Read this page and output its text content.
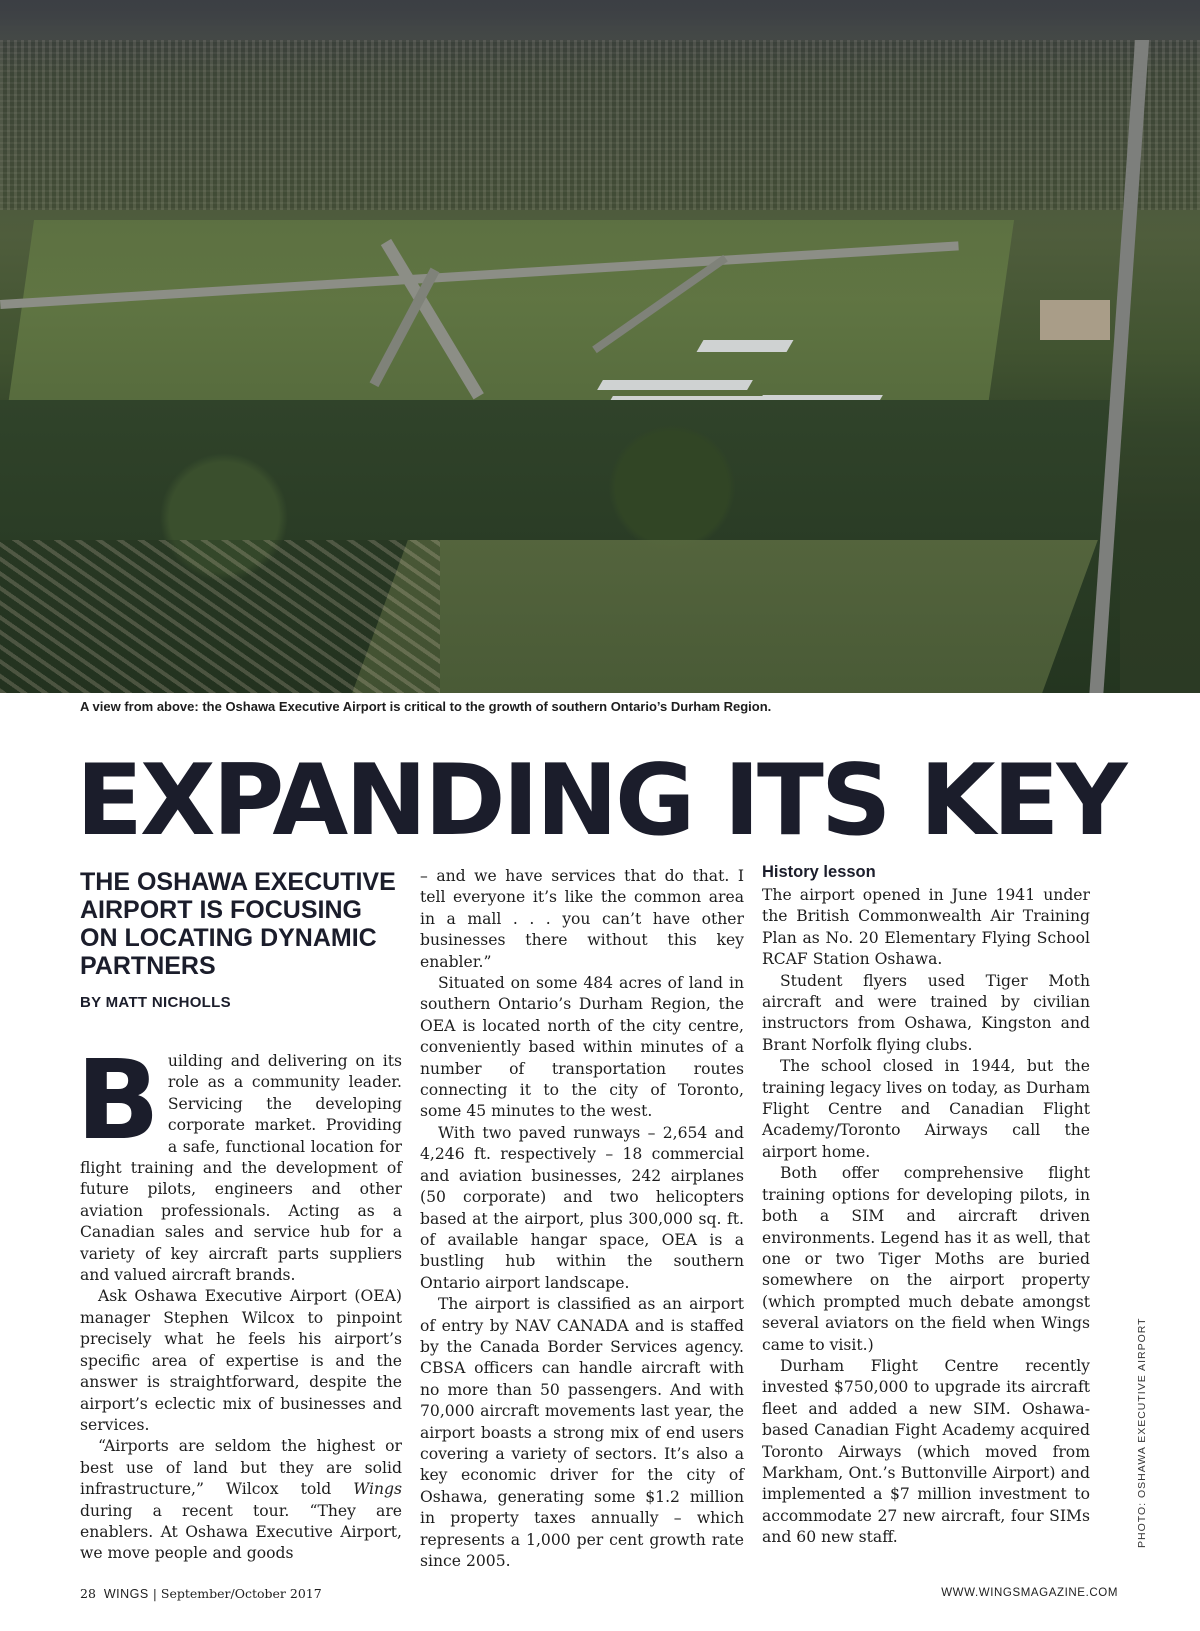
A view from above: the Oshawa Executive Airport is critical to the growth of southern Ontario’s Durham Region.
PHOTO: OSHAWA EXECUTIVE AIRPORT
EXPANDING ITS KEY
THE OSHAWA EXECUTIVE AIRPORT IS FOCUSING ON LOCATING DYNAMIC PARTNERS
BY MATT NICHOLLS
B uilding and delivering on its role as a community leader. Servicing the developing corporate market. Providing a safe, functional location for flight training and the development of future pilots, engineers and other aviation professionals. Acting as a Canadian sales and service hub for a variety of key aircraft parts suppliers and valued aircraft brands.

Ask Oshawa Executive Airport (OEA) manager Stephen Wilcox to pinpoint precisely what he feels his airport’s specific area of expertise is and the answer is straightforward, despite the airport’s eclectic mix of businesses and services.

“Airports are seldom the highest or best use of land but they are solid infrastructure,” Wilcox told Wings during a recent tour. “They are enablers. At Oshawa Executive Airport, we move people and goods

– and we have services that do that. I tell everyone it’s like the common area in a mall . . . you can’t have other businesses there without this key enabler.”

Situated on some 484 acres of land in southern Ontario’s Durham Region, the OEA is located north of the city centre, conveniently based within minutes of a number of transportation routes connecting it to the city of Toronto, some 45 minutes to the west.

With two paved runways – 2,654 and 4,246 ft. respectively – 18 commercial and aviation businesses, 242 airplanes (50 corporate) and two helicopters based at the airport, plus 300,000 sq. ft. of available hangar space, OEA is a bustling hub within the southern Ontario airport landscape.

The airport is classified as an airport of entry by NAV CANADA and is staffed by the Canada Border Services agency. CBSA officers can handle aircraft with no more than 50 passengers. And with 70,000 aircraft movements last year, the airport boasts a strong mix of end users covering a variety of sectors. It’s also a key economic driver for the city of Oshawa, generating some $1.2 million in property taxes annually – which represents a 1,000 per cent growth rate since 2005.

History lesson

The airport opened in June 1941 under the British Commonwealth Air Training Plan as No. 20 Elementary Flying School RCAF Station Oshawa.

Student flyers used Tiger Moth aircraft and were trained by civilian instructors from Oshawa, Kingston and Brant Norfolk flying clubs.

The school closed in 1944, but the training legacy lives on today, as Durham Flight Centre and Canadian Flight Academy/Toronto Airways call the airport home.

Both offer comprehensive flight training options for developing pilots, in both a SIM and aircraft driven environments. Legend has it as well, that one or two Tiger Moths are buried somewhere on the airport property (which prompted much debate amongst several aviators on the field when Wings came to visit.)

Durham Flight Centre recently invested $750,000 to upgrade its aircraft fleet and added a new SIM. Oshawa-based Canadian Fight Academy acquired Toronto Airways (which moved from Markham, Ont.’s Buttonville Airport) and implemented a $7 million investment to accommodate 27 new aircraft, four SIMs and 60 new staff.

28 WINGS | September/October 2017	WWW.WINGSMAGAZINE.COM
